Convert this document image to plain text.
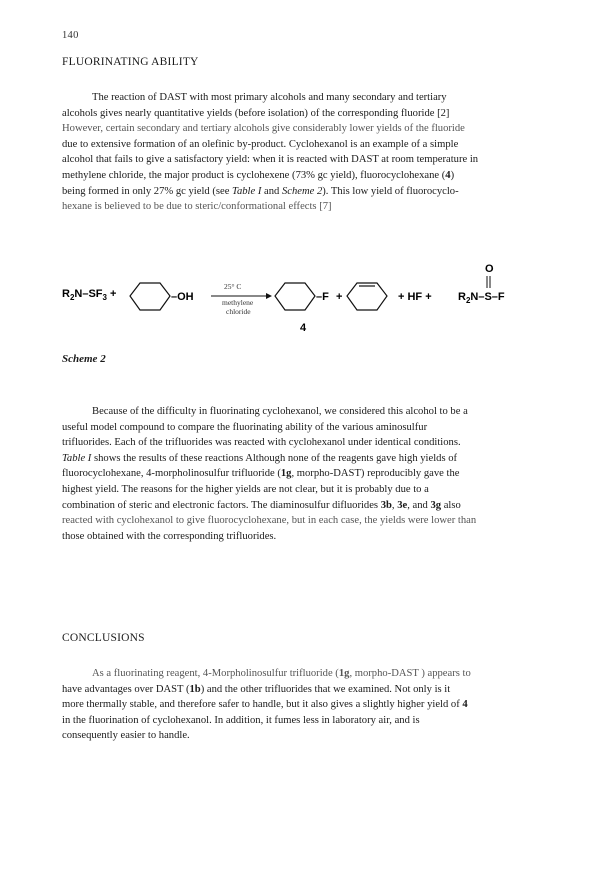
140
FLUORINATING ABILITY

The reaction of DAST with most primary alcohols and many secondary and tertiary
alcohols gives nearly quantitative yields (before isolation) of the corresponding fluoride [2]
However, certain secondary and tertiary alcohols give considerably lower yields of the fluoride
due to extensive formation of an olefinic by-product. Cyclohexanol is an example of a simple
alcohol that fails to give a satisfactory yield: when it is reacted with DAST at room temperature in
methylene chloride, the major product is cyclohexene (73% gc yield), fluorocyclohexane (4)
being formed in only 27% gc yield (see Table I and Scheme 2). This low yield of fluorocyclo-
hexane is believed to be due to steric/conformational effects [7]

$R_2N-SF_3$ +	–OH
25° C
methylene
chloride
–F
4
+	+ HF + $R_2N-S-F$
O
Scheme 2

Because of the difficulty in fluorinating cyclohexanol, we considered this alcohol to be a
useful model compound to compare the fluorinating ability of the various aminosulfur
trifluorides. Each of the trifluorides was reacted with cyclohexanol under identical conditions.
Table I shows the results of these reactions Although none of the reagents gave high yields of
fluorocyclohexane, 4-morpholinosulfur trifluoride (1g, morpho-DAST) reproducibly gave the
highest yield. The reasons for the higher yields are not clear, but it is probably due to a
combination of steric and electronic factors. The diaminosulfur difluorides 3b, 3e, and 3g also
reacted with cyclohexanol to give fluorocyclohexane, but in each case, the yields were lower than
those obtained with the corresponding trifluorides.

CONCLUSIONS

As a fluorinating reagent, 4-Morpholinosulfur trifluoride (1g, morpho-DAST ) appears to
have advantages over DAST (1b) and the other trifluorides that we examined. Not only is it
more thermally stable, and therefore safer to handle, but it also gives a slightly higher yield of 4
in the fluorination of cyclohexanol. In addition, it fumes less in laboratory air, and is
consequently easier to handle.
